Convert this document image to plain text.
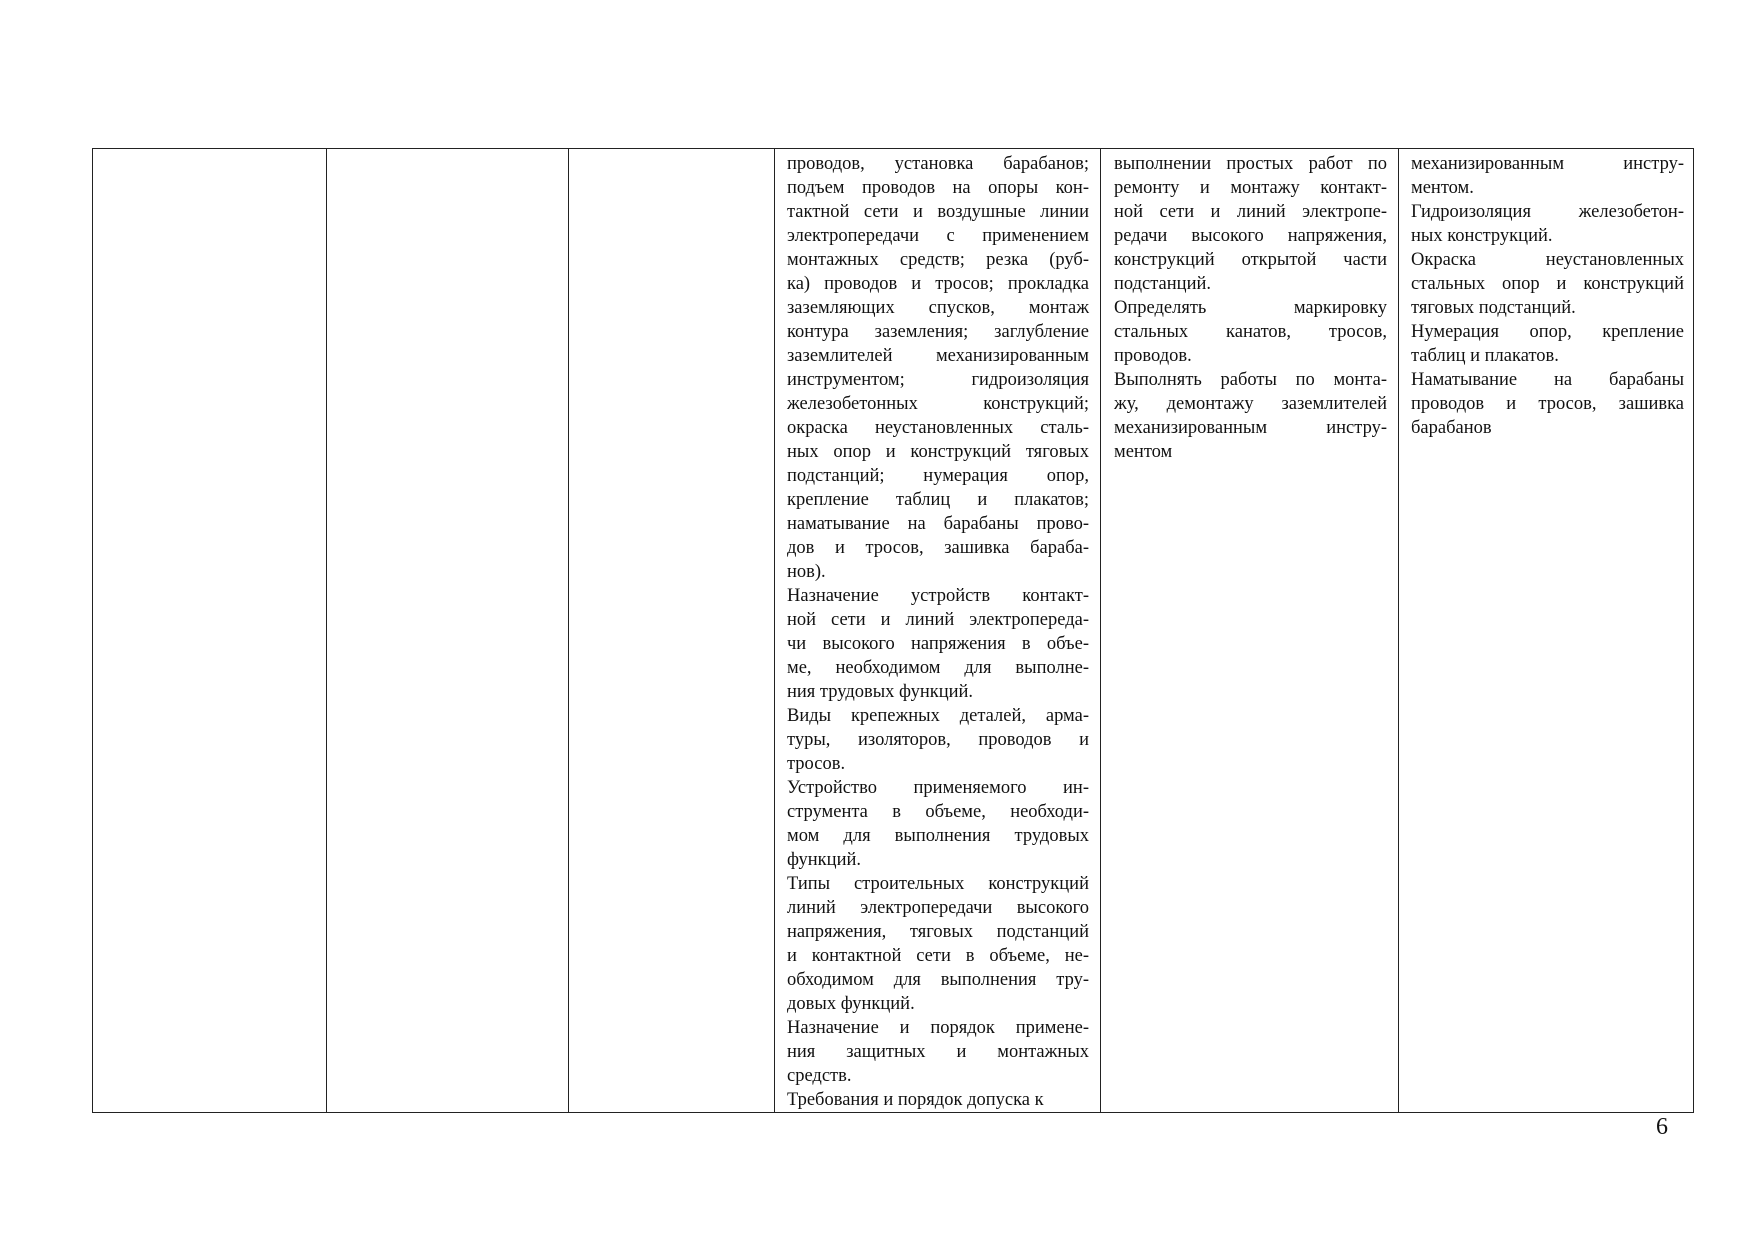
проводов, установка барабанов;
подъем проводов на опоры кон-
тактной сети и воздушные линии
электропередачи с применением
монтажных средств; резка (руб-
ка) проводов и тросов; прокладка
заземляющих спусков, монтаж
контура заземления; заглубление
заземлителей механизированным
инструментом; гидроизоляция
железобетонных конструкций;
окраска неустановленных сталь-
ных опор и конструкций тяговых
подстанций; нумерация опор,
крепление таблиц и плакатов;
наматывание на барабаны прово-
дов и тросов, зашивка бараба-
нов).
Назначение устройств контакт-
ной сети и линий электропереда-
чи высокого напряжения в объе-
ме, необходимом для выполне-
ния трудовых функций.
Виды крепежных деталей, арма-
туры, изоляторов, проводов и
тросов.
Устройство применяемого ин-
струмента в объеме, необходи-
мом для выполнения трудовых
функций.
Типы строительных конструкций
линий электропередачи высокого
напряжения, тяговых подстанций
и контактной сети в объеме, не-
обходимом для выполнения тру-
довых функций.
Назначение и порядок примене-
ния защитных и монтажных
средств.
Требования и порядок допуска к
выполнении простых работ по
ремонту и монтажу контакт-
ной сети и линий электропе-
редачи высокого напряжения,
конструкций открытой части
подстанций.
Определять маркировку
стальных канатов, тросов,
проводов.
Выполнять работы по монта-
жу, демонтажу заземлителей
механизированным инстру-
ментом
механизированным инстру-
ментом.
Гидроизоляция железобетон-
ных конструкций.
Окраска неустановленных
стальных опор и конструкций
тяговых подстанций.
Нумерация опор, крепление
таблиц и плакатов.
Наматывание на барабаны
проводов и тросов, зашивка
барабанов
6
